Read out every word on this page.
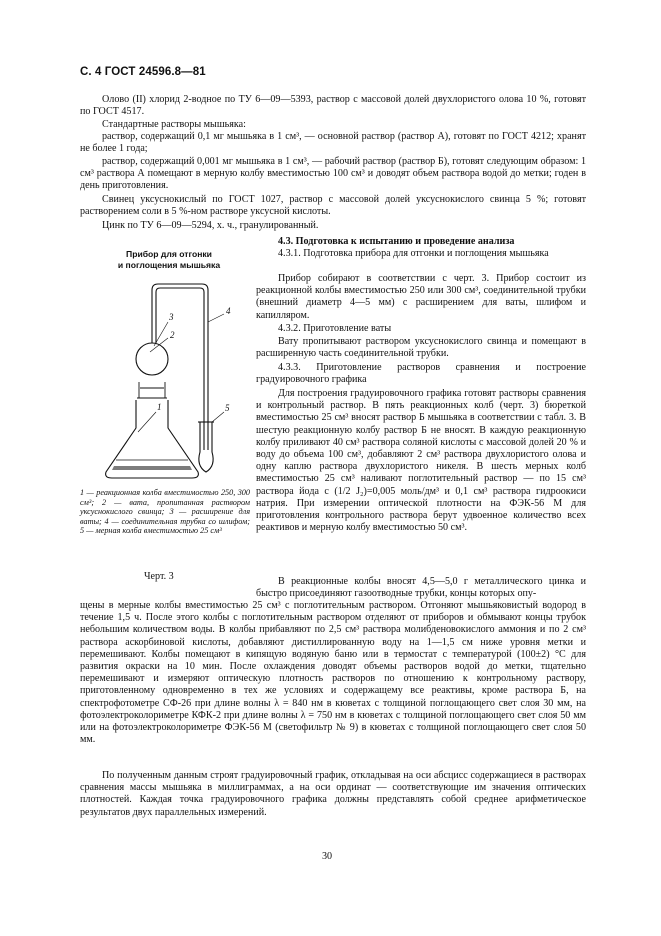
С. 4 ГОСТ 24596.8—81

Олово (II) хлорид 2-водное по ТУ 6—09—5393, раствор с массовой долей двухлористого олова 10 %, готовят по ГОСТ 4517.

Стандартные растворы мышьяка:

раствор, содержащий 0,1 мг мышьяка в 1 см³, — основной раствор (раствор А), готовят по ГОСТ 4212; хранят не более 1 года;

раствор, содержащий 0,001 мг мышьяка в 1 см³, — рабочий раствор (раствор Б), готовят следующим образом: 1 см³ раствора А помещают в мерную колбу вместимостью 100 см³ и доводят объем раствора водой до метки; годен в день приготовления.

Свинец уксуснокислый по ГОСТ 1027, раствор с массовой долей уксуснокислого свинца 5 %; готовят растворением соли в 5 %-ном растворе уксусной кислоты.

Цинк по ТУ 6—09—5294, х. ч., гранулированный.

4.3. Подготовка к испытанию и проведение анализа
Прибор для отгонки
и поглощения мышьяка

4.3.1. Подготовка прибора для отгонки и поглощения мышьяка

Прибор собирают в соответствии с черт. 3. Прибор состоит из реакционной колбы вместимостью 250 или 300 см³, соединительной трубки (внешний диаметр 4—5 мм) с расширением для ваты, шлифом и капилляром.

4.3.2. Приготовление ваты

Вату пропитывают раствором уксуснокислого свинца и помещают в расширенную часть соединительной трубки.

4.3.3. Приготовление растворов сравнения и построение градуировочного графика

Для построения градуировочного графика готовят растворы сравнения и контрольный раствор. В пять реакционных колб (черт. 3) бюреткой вместимостью 25 см³ вносят раствор Б мышьяка в соответствии с табл. 3. В шестую реакционную колбу раствор Б не вносят. В каждую реакционную колбу приливают 40 см³ раствора соляной кислоты с массовой долей 20 % и воду до объема 100 см³, добавляют 2 см³ раствора двухлористого олова и одну каплю раствора двухлористого никеля. В шесть мерных колб вместимостью 25 см³ наливают поглотительный раствор — по 15 см³ раствора йода c (1/2 J₂)=0,005 моль/дм³ и 0,1 см³ раствора гидроокиси натрия. При измерении оптической плотности на ФЭК-56 М для приготовления контрольного раствора берут удвоенное количество всех реактивов и мерную колбу вместимостью 50 см³.

В реакционные колбы вносят 4,5—5,0 г металлического цинка и быстро присоединяют газоотводные трубки, концы которых опу-

щены в мерные колбы вместимостью 25 см³ с поглотительным раствором. Отгоняют мышьяковистый водород в течение 1,5 ч. После этого колбы с поглотительным раствором отделяют от приборов и обмывают концы трубок небольшим количеством воды. В колбы прибавляют по 2,5 см³ раствора молибденовокислого аммония и по 2 см³ раствора аскорбиновой кислоты, добавляют дистиллированную воду на 1—1,5 см ниже уровня метки и перемешивают. Колбы помещают в кипящую водяную баню или в термостат с температурой (100±2) °С для развития окраски на 10 мин. После охлаждения доводят объемы растворов водой до метки, тщательно перемешивают и измеряют оптическую плотность растворов по отношению к контрольному раствору, приготовленному одновременно в тех же условиях и содержащему все реактивы, кроме раствора Б, на спектрофотометре СФ-26 при длине волны λ = 840 нм в кюветах с толщиной поглощающего свет слоя 30 мм, на фотоэлектроколориметре КФК-2 при длине волны λ = 750 нм в кюветах с толщиной поглощающего свет слоя 50 мм или на фотоэлектроколориметре ФЭК-56 М (светофильтр № 9) в кюветах с толщиной поглощающего свет слоя 50 мм.

По полученным данным строят градуировочный график, откладывая на оси абсцисс содержащиеся в растворах сравнения массы мышьяка в миллиграммах, а на оси ординат — соответствующие им значения оптических плотностей. Каждая точка градуировочного графика должны представлять собой среднее арифметическое результатов двух параллельных измерений.

1
2
3
4
5
1 — реакционная колба вместимостью 250, 300 см³; 2 — вата, пропитанная раствором уксуснокислого свинца; 3 — расширение для ваты; 4 — соединительная трубка со шлифом; 5 — мерная колба вместимостью 25 см³
Черт. 3
30
